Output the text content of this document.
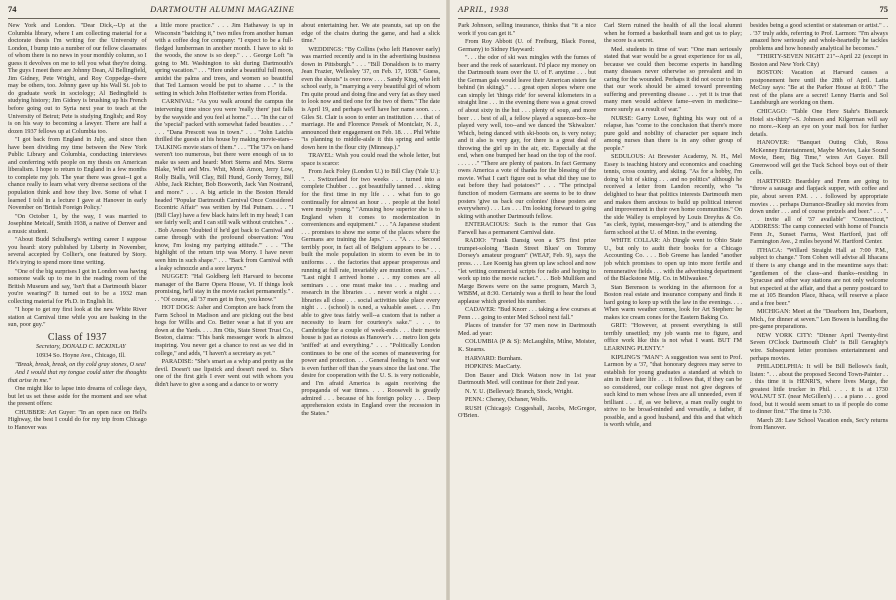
74	DARTMOUTH ALUMNI MAGAZINE

New York and London. "Dear Dick,--Up at the Columbia library, where I am collecting material for a doctorate thesis I'm writing for the University of London, I bump into a number of our fellow classmates of whom there is no news in your monthly column, so I guess it devolves on me to tell you what they're doing. The guys I meet there are Johnny Dean, Al Bellingfield, Jim Gidney, Pete Wright, and Roy Coppedge--there may be others, too. Johnny gave up his Wall St. job to do graduate work in sociology; Al Bedingfield is studying history; Jim Gidney is brushing up his French before going out to Syria next year to teach at the University of Beirut; Pete is studying English; and Roy is on his way to becoming a lawyer. There are half a dozen 1937 fellows up at Columbia too.

"I got back from England in July, and since then have been dividing my time between the New York Public Library and Columbia, conducting interviews and conferring with people on my thesis on American liberalism. I hope to return to England in a few months to complete my job. The year there was great--I got a chance really to learn what very diverse sections of the population think and how they live. Some of what I learned I told in a lecture I gave at Hanover in early November on 'British Foreign Policy.'

"On October 1, by the way, I was married to Josephine Metcalf, Smith 1938, a native of Denver and a music student.

"About Budd Schulberg's writing career I suppose you heard: story published by Liberty in November, several accepted by Collier's, one featured by Story. He's trying to spend more time writing.

"One of the big surprises I got in London was having someone walk up to me in the reading room of the British Museum and say, 'Isn't that a Dartmouth blazer you're wearing?' It turned out to be a 1932 man collecting material for Ph.D. in English lit.

"I hope to get my first look at the new White River station at Carnival time while you are basking in the sun, poor guy."

Class of 1937

Secretary, DONALD C. MCKINLAY

10934 So. Hoyne Ave., Chicago, Ill.

"Break, break, break, on thy cold gray stones, O sea!

And I would that my tongue could utter the thoughts that arise in me."

One might like to lapse into dreams of college days, but let us set these aside for the moment and see what the present offers:

CHUBBER: Art Guyer: "In an open race on Hell's Highway, the best I could do for my trip from Chicago to Hanover was

a little more practice." . . . Jim Hathaway is up in Wisconsin "batching it," two miles from another human with a coffee dog for company: "I expect to be a full-fledged lumberman in another month. I have to ski to the woods, the snow is so deep." . . . George Loft "is going to Mt. Washington to ski during Dartmouth's spring vacation." . . . "Here under a beautiful full moon, amidst the palms and trees, and women so beautiful that Ted Lamson would be put to shame . . ." is the setting in which John Hoffstetter writes from Florida.

CARNIVAL: "As you walk around the campus the intervening time since you were 'really there' just falls by the wayside and you feel at home." . . . "In the car of the 'special' packed with somewhat faded beauties . . ." . . . "Dana Prescott was in town." . . . "John Latchis thrilled the guests at his house by making movie-stars--TALKING movie stars of them." . . . "The '37's on hand weren't too numerous, but there were enough of us to make us seen and heard: Mort Sterns and Mrs. Sterns Blake, Whit and Mrs. Whit, Monk Amon, Jerry Low, Rolly Bialls, Will Clay, Bill Hund, Gordy Torrey, Bill Abbe, Jack Richter, Bob Bosworth, Jack Van Nostrand, and more." . . . A big article in the Boston Herald headed "Popular Dartmouth Carnival Once Considered Eccentric Affair" was written by Hal Putnam. . . . "I (Bill Clay) have a few black hairs left in my head; I can see fairly well; and I can still walk without crutches." . . . Bob Areson "doubted if he'd get back to Carnival and came through with the profound observation: 'You know, I'm losing my partying attitude.'" . . . "The highlight of the return trip was Morry. I have never seen him in such shape." . . . "Back from Carnival with a leaky schnozzle and a sore larynx."

NUGGET: "Hal Goldberg left Harvard to become manager of the Barre Opera House, Vt. If things look promising, he'll stay in the movie racket permanently." . . . "Of course, all '37 men get in free, you know."

HOT DOGS: Asher and Compton are back from the Farm School in Madison and are picking out the best hogs for Willis and Co. Better wear a hat if you are down at the Yards. . . . Jim Otis, State Street Trust Co., Boston, claims: "This bank messenger work is almost inspiring. You never get a chance to rest as we did in college," and adds, "I haven't a secretary as yet."

PARADISE: "She's smart as a whip and pretty as the devil. Doesn't use lipstick and doesn't need to. She's one of the first girls I ever went out with whom you didn't have to give a song and a dance to or worry

about entertaining her. We ate peanuts, sat up on the edge of the chairs during the game, and had a slick time."

WEDDINGS: "By Collins (who left Hanover early) was married recently and is in the advertising business down in Pittsburgh." . . . "Bill Donaldson is to marry Jean Frazier, Wellesley '37, on Feb. 17, 1938." Guess, even the shouts" is over now . . . . Sandy King, who left school early, is "marrying a very beautiful girl of whom I'm quite proud and doing fine and very fat as they used to look now and tied one for the two of them." The date is April 19, and perhaps we'll have her name soon. . . . Giles St. Clair is soon to enter an institution . . . that of marriage. He and Florence Presek of Montclair, N. J., announced their engagement on Feb. 18. . . . Phil White "is planning to middle-aisle it this spring and settle down here in the flour city (Minneap.)."

TRAVEL: Wish you could read the whole letter, but space is scarce:

From Jack Foley (London U.) to Bill Clay (Yale U.): ". . . Switzerland for two weeks . . . turned into a complete Chubber . . . got beautifully tanned . . . skiing for the first time in my life . . . what fun to go continually for almost an hour . . . people at the hotel were mostly young." "Amusing how superior she is to England when it comes to modernization in conveniences and equipment." . . . "A Japanese student . . . promises to show me some of the places where the Germans are training the Japs." . . . "A . . . Second terribly poor, in fact all of Belgium appears to be . . . built the mole population in storm to even be in to uniforms . . . the factories that appear prosperous and running at full rate, invariably are munition ones." . . . "Last night I arrived home . . . my comes are all seminars . . . one must make tea . . . reading and research in the libraries . . . never work a night . . . libraries all close . . . social activities take place every night . . . (school) is o.ned, a valuable asset. . . . I'm able to give teas fairly well--a custom that is rather a necessity to learn for courtesy's sake." . . . to Cambridge for a couple of week-ends . . . their movie house is just as riotous as Hanover's . . . metro lion gets 'sniffed' at and everything." . . . "Politically London continues to be one of the scenes of maneuvering for power and protection. . . . General feeling is 'next' war is even further off than the years since the last one. The desire for cooperation with the U. S. is very noticeable, and I'm afraid America is again receiving the propaganda of war times. . . . Roosevelt is greatly admired . . . because of his foreign policy . . . Deep apprehension exists in England over the recession in the States."

APRIL, 1938	75

Park Johnson, selling insurance, thinks that "it a nice work if you can get it."

From Roy Abbott (U. of Freiburg, Black Forest, Germany) to Sidney Hayward:

". . . the odor of ski wax mingles with the fumes of beer and the reek of sauerkraut. I'd place my money on the Dartmouth team over the U. of F. anytime . . . but the German gals would leave their American sisters far behind (in skiing)." . . . great open slopes where one can simply let 'things ride' for several kilometers in a straight line . . . in the evening there was a great crowd of about sixty in the hut . . . plenty of soup, and more beer . . . best of all, a fellow played a squeeze-box--he played very well, too--and we danced the 'Skiwalzer.' Which, being danced with ski-boots on, is very noisy; and it also is very gay, for there is a great deal of throwing the girl up in the air, etc. Especially at the end, when one bumped her head on the top of the roof. . . . . . ." "There are plenty of pastors. In fact Germany owes America a vote of thanks for the blessing of the movie. What I can't figure out is what did they use to eat before they had potatoes?" . . . "The principal function of modern Germans are seems to be to draw posters 'give us back our colonies' (these posters are everywhere) . . . Les . . . I'm looking forward to going skiing with another Dartmouth fellow.

ENTERACIOUS: Such is the rumor that Gus Farwell has a permanent Carnival date.

RADIO: "Frank Dansig won a $75 first prize trumpet-soloing 'Basin Street Blues' on Tommy Dorsey's amateur program" (WEAF, Feb. 9), says the press. . . . Lee Koenig has given up law school and now "let writing commercial scripts for radio and hoping to work up into the movie racket." . . . Bob Mulliken and Marge Bowes were on the same program, March 3, WBBM, at 8:30. Certainly was a thrill to hear the loud applause which greeted his number.

CADAVER: "Bud Knorr . . . taking a few courses at Penn . . . going to enter Med School next fall."

Places of transfer for '37 men now in Dartmouth Med. ad year:

COLUMBIA (P & S): McLaughlin, Milne, Moister, K. Stearns.

HARVARD: Burnham.

HOPKINS: MacCarty.

Don Bauer and Dick Watson now in 1st year Dartmouth Med. will continue for their 2nd year.

N. Y. U. (Bellevue): Branch, Stock, Wright.

PENN.: Cheney, Ochsner, Wolfs.

RUSH (Chicago): Coggeshall, Jacobs, McGregor, O'Brien.

Carl Stern ruined the health of all the local alumni when he formed a basketball team and got us to play; the score is a secret.

Med. students in time of war: "One man seriously stated that war would be a great experience for us all, because we could then become experts in handling many diseases never otherwise so prevalent and in caring for the wounded. Perhaps it did not occur to him that our work should be aimed toward preventing suffering and preventing disease . . . yet it is true that many men would achieve fame--even in medicine--more surely as a result of war."

NURSE: Garry Lowe, fighting his way out of a relapse, has "come to the conclusion that there's more pure gold and nobility of character per square inch among nurses than there is in any other group of people."

SEDULOUS: At Brewster Academy, N. H., Mel Essey is teaching history and economics and coaching tennis, cross country, and skiing. "As for a hobby, I'm doing 'a bit of skiing . . . and no politics" although he received a letter from Landon recently, who "is delighted to hear that politics interests Dartmouth men and makes them anxious to build up political interest and improvement in their own home communities." On the side Walley is employed by Louis Dreyfus & Co. "as clerk, typist, messenger-boy," and is attending the farm school at the U. of Minn. in the evening.

WHITE COLLAR: Ab Dingle went to Ohio State U., but only to audit their books for a Chicago Accounting Co. . . . Bob Greene has landed "another job which promises to open up into more fertile and remunerative fields . . . with the advertising department of the Blackstone Mfg. Co. in Milwaukee."

Stan Berenson is working in the afternoon for a Boston real estate and insurance company and finds it hard going to keep up with the law in the evenings. . . . When warm weather comes, look for Art Stephen: he makes ice cream cones for the Eastern Baking Co.

GRIT: "However, at present everything is still terribly unsettled; my job wants me to figure, and office work like this is not what I want. BUT I'M LEARNING PLENTY."

KIPLING'S "MAN": A suggestion was sent to Prof. Larmon by a '37, "that honorary degrees may serve to establish for young graduates a standard at which to aim in their later life . . . it follows that, if they can be so considered, our college must not give degrees of such kind to men whose lives are all unneeded, even if brilliant . . . if, as we believe, a man really ought to strive to be broad-minded and versatile, a father, if possible, and a good husband, and this and that which is worth while, and

besides being a good scientist or statesman or artist." . . . '37 truly adds, referring to Prof. Larmon: "I'm always amazed how seriously and whole-heartedly he tackles problems and how honestly analytical he becomes."

"THIRTY-SEVEN NIGHT 21"--April 22 (except in Boston and New York City)

BOSTON: Vacation at Harvard causes a postponement here until the 28th of April. Latta McCray says: "Be at the Parker House at 8:00." The rest of the plans are a secret! Lenny Harris and Sol Landsburgh are working on them.

CHICAGO: "Table One Here Stahr's Bismarck Hotel six-thirty"--S. Johnson and Kilgerman will say no more.--Keep an eye on your mail box for further details.

HANOVER: "Banquet Outing Club, Ross McKenney Entertainment, Maybe Movies, Lake Sound Movie, Beer, Big Time," wires Art Guyer. Bill Greenwood will get the Tuck School boys out of their cells.

HARTFORD: Beardsley and Fenn are going to "throw a sausage and flapjack supper, with coffee and pie, about seven P.M. . . . followed by appropriate movies . . . perhaps Durrance-Bradley ski movies from down under . . . and of course pretzels and beer." . . . ". . . invite all of '37 available" "Connecticut," ADDRESS: The camp connected with home of Francis Fenn Jr., Sunset Farms, West Hartford, just off Farmington Ave., 2 miles beyond W. Hartford Center.

ITHACA: "Willard Straight Hall at 7:00 P.M., subject to change." Tom Cohen will advise all Ithacans if there is any change and in the meantime says that: "gentlemen of the class--and thanks--residing in Syracuse and other way stations are not only welcome but expected at the affair, and that a penny postcard to me at 105 Brandon Place, Ithaca, will reserve a place and a free beer."

MICHIGAN: Meet at the "Dearborn Inn, Dearborn, Mich., for dinner at seven." Len Bowen is handling the pre-game preparations.

NEW YORK CITY: "Dinner April Twenty-first Seven O'Clock Dartmouth Club" is Bill Geraghty's wire. Subsequent letter promises entertainment and perhaps movies.

PHILADELPHIA: It will be Bill Bellows's fault, listen: ". . . about the proposed Second Town-Painter . . . this time it is HENRI'S, where lives Marge, the greatest little trucker in Phil. . . . it is at 1730 WALNUT ST. (near McGillen's) . . . a piano . . . good food, but it would seem smart to us if people do come to dinner first." The time is 7:30.

March 28: Law School Vacation ends, Sec'y returns from Hanover.
